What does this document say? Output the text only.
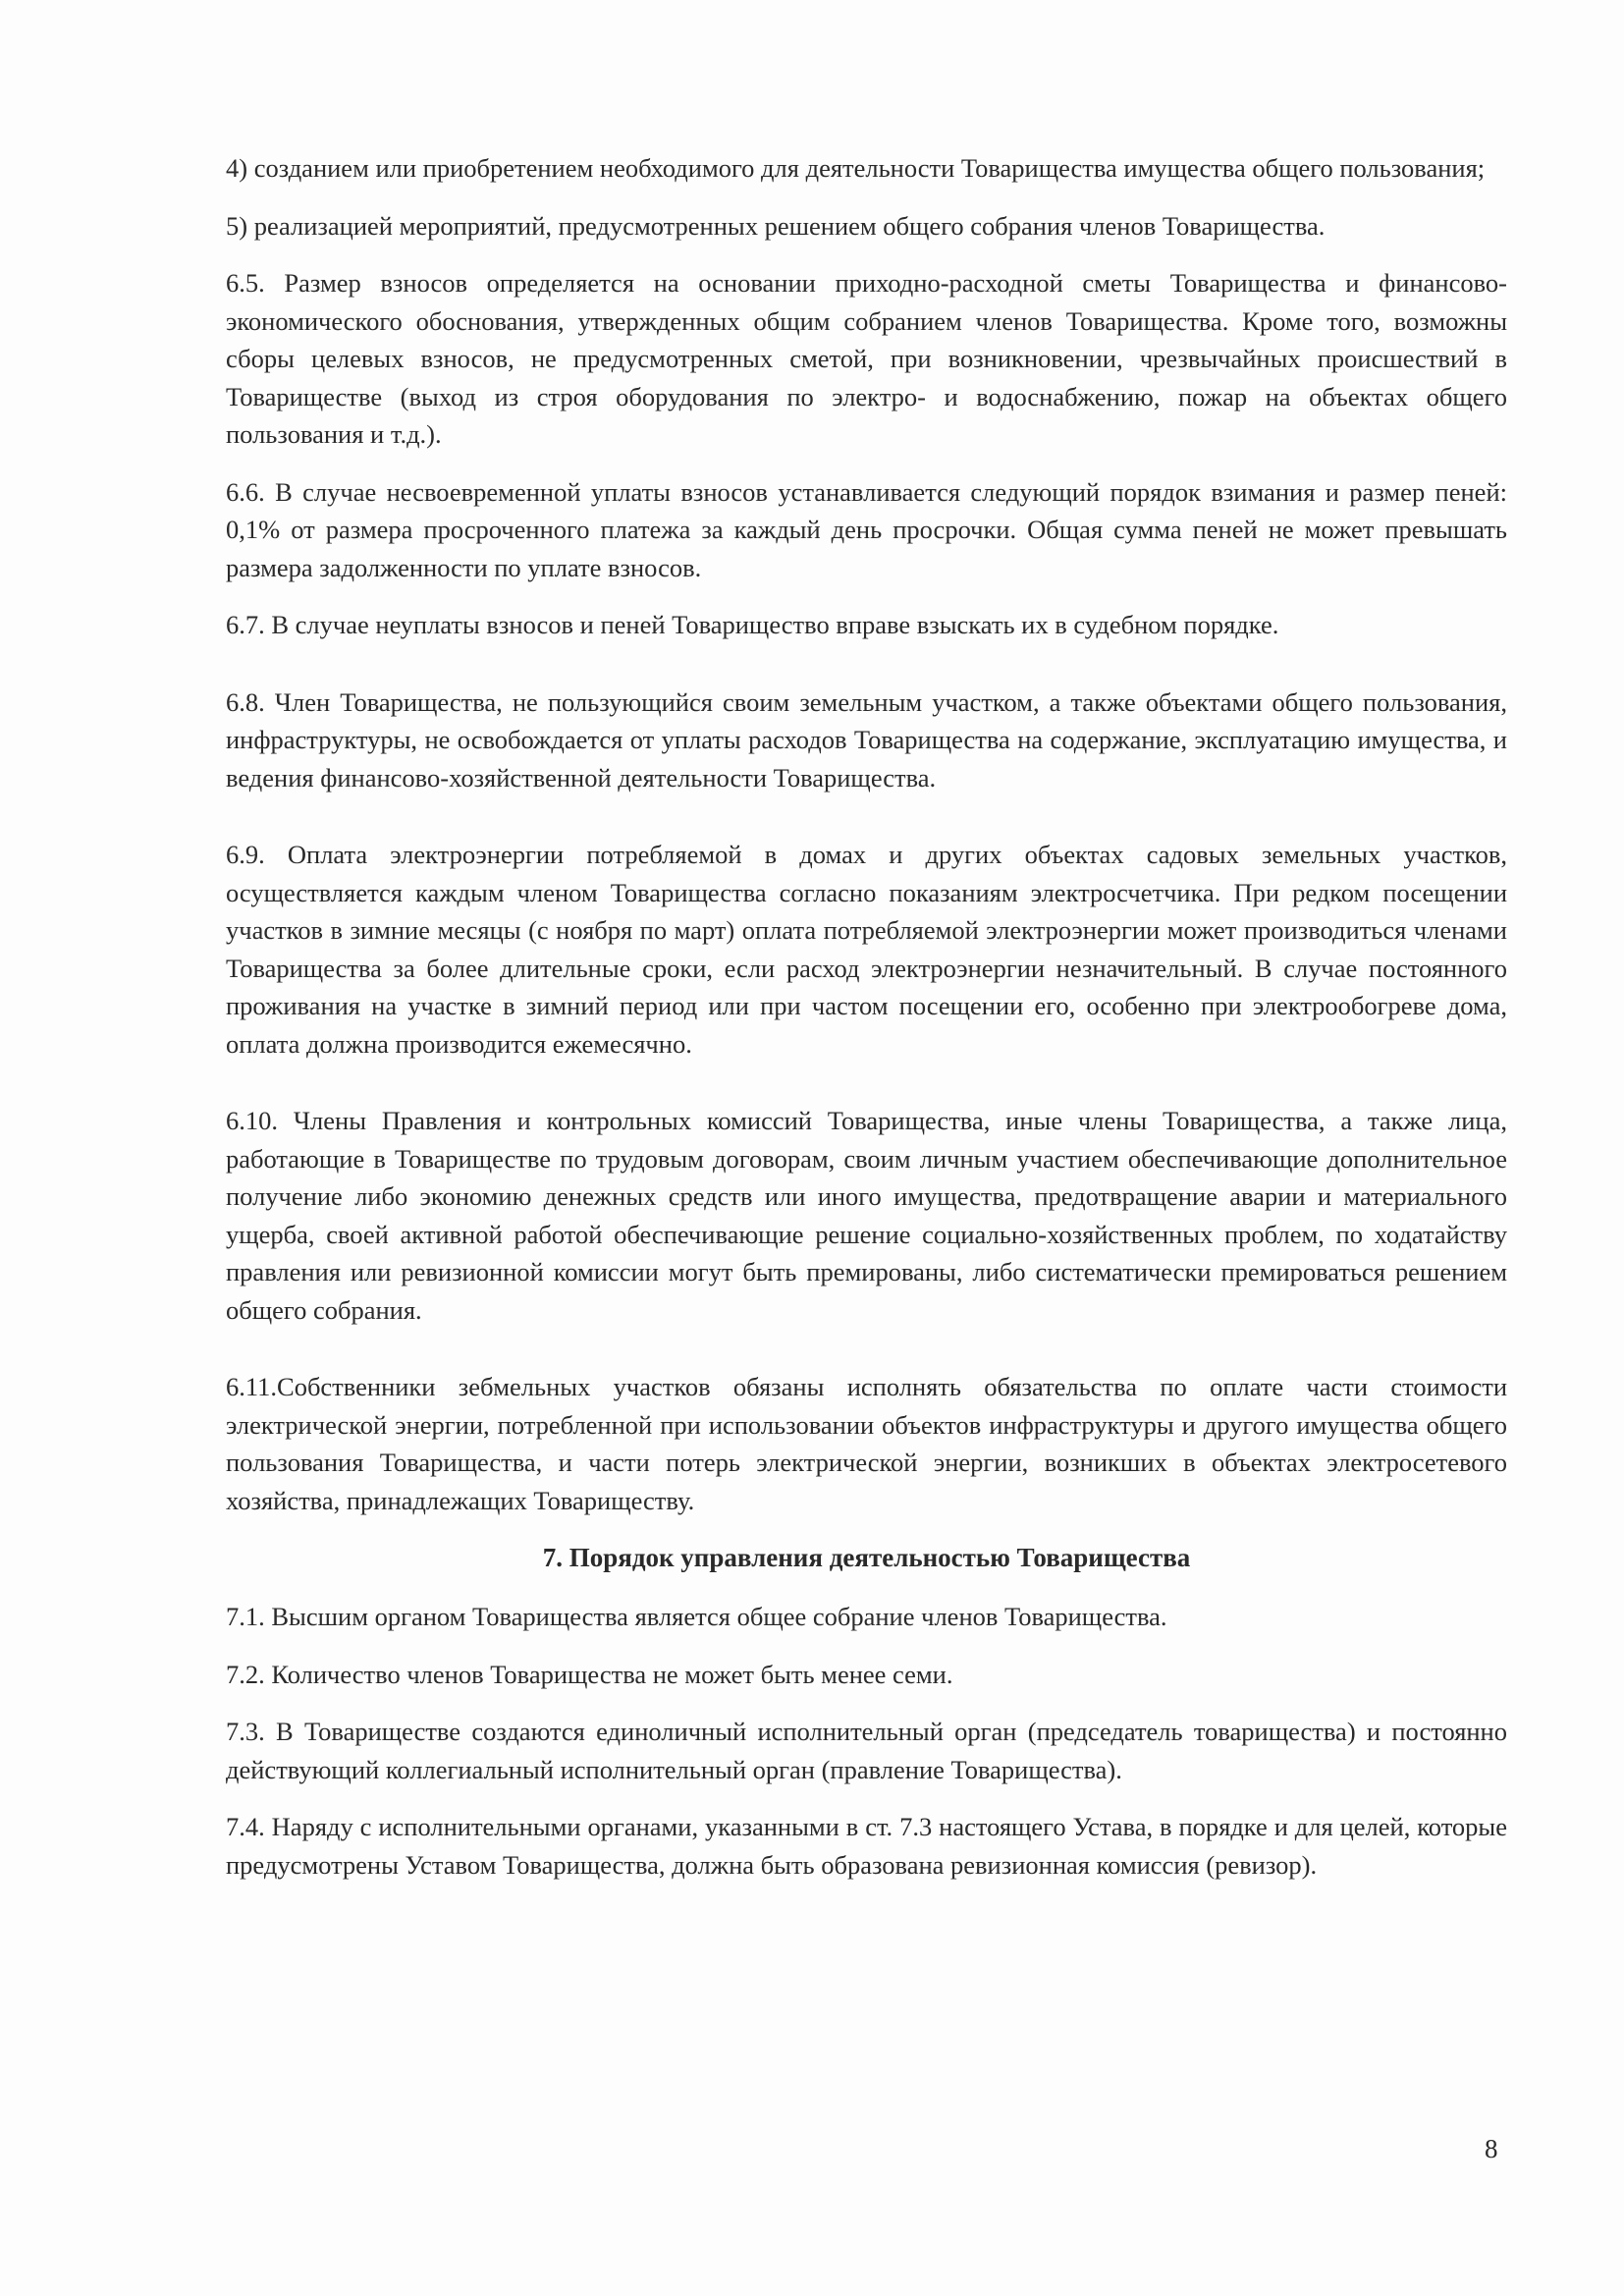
4) созданием или приобретением необходимого для деятельности Товарищества имущества общего пользования;

5) реализацией мероприятий, предусмотренных решением общего собрания членов Товарищества.

6.5. Размер взносов определяется на основании приходно-расходной сметы Товарищества и финансово-экономического обоснования, утвержденных общим собранием членов Товарищества. Кроме того, возможны сборы целевых взносов, не предусмотренных сметой, при возникновении, чрезвычайных происшествий в Товариществе (выход из строя оборудования по электро- и водоснабжению, пожар на объектах общего пользования и т.д.).

6.6. В случае несвоевременной уплаты взносов устанавливается следующий порядок взимания и размер пеней: 0,1% от размера просроченного платежа за каждый день просрочки. Общая сумма пеней не может превышать размера задолженности по уплате взносов.

6.7. В случае неуплаты взносов и пеней Товарищество вправе взыскать их в судебном порядке.

6.8. Член Товарищества, не пользующийся своим земельным участком, а также объектами общего пользования, инфраструктуры, не освобождается от уплаты расходов Товарищества на содержание, эксплуатацию имущества, и ведения финансово-хозяйственной деятельности Товарищества.

6.9. Оплата электроэнергии потребляемой в домах и других объектах садовых земельных участков, осуществляется каждым членом Товарищества согласно показаниям электросчетчика. При редком посещении участков в зимние месяцы (с ноября по март) оплата потребляемой электроэнергии может производиться членами Товарищества за более длительные сроки, если расход электроэнергии незначительный. В случае постоянного проживания на участке в зимний период или при частом посещении его, особенно при электрообогреве дома, оплата должна производится ежемесячно.

6.10. Члены Правления и контрольных комиссий Товарищества, иные члены Товарищества, а также лица, работающие в Товариществе по трудовым договорам, своим личным участием обеспечивающие дополнительное получение либо экономию денежных средств или иного имущества, предотвращение аварии и материального ущерба, своей активной работой обеспечивающие решение социально-хозяйственных проблем, по ходатайству правления или ревизионной комиссии могут быть премированы, либо систематически премироваться решением общего собрания.

6.11.Собственники зебмельных участков обязаны исполнять обязательства по оплате части стоимости электрической энергии, потребленной при использовании объектов инфраструктуры и другого имущества общего пользования Товарищества, и части потерь электрической энергии, возникших в объектах электросетевого хозяйства, принадлежащих Товариществу.

7. Порядок управления деятельностью Товарищества

7.1. Высшим органом Товарищества является общее собрание членов Товарищества.

7.2. Количество членов Товарищества не может быть менее семи.

7.3. В Товариществе создаются единоличный исполнительный орган (председатель товарищества) и постоянно действующий коллегиальный исполнительный орган (правление Товарищества).

7.4. Наряду с исполнительными органами, указанными в ст. 7.3 настоящего Устава, в порядке и для целей, которые предусмотрены Уставом Товарищества, должна быть образована ревизионная комиссия (ревизор).

8
